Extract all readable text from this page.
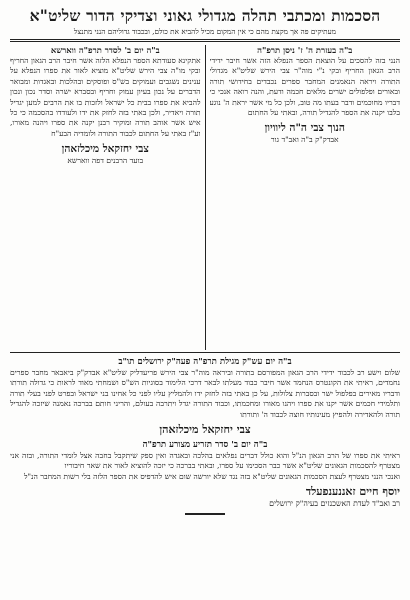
הסכמות ומכתבי תהלה מגדולי גאוני וצדיקי הדור שליט"א
מעתיקים פה אך מקצת מהם כי אין המקום מכיל להביא את כולם, ובכבוד גדוליהם הנני מתנצל
ב"ה בעזרת ה' ז' ניסן תרפ"ה

הנני בזה להסכים על הוצאת הספר הנפלא הזה אשר חיבר ידידי הרב הגאון החריף ובקי נ"י מוה"ר צבי הירש שליט"א מגדולי התורה ויראה הנאמנים המחבר ספרים נכבדים בחידושי תורה ובאורים ופלפולים ישרים מלאים חכמה ודעת, והנה רואה אנכי כי דבריו מחוכמים ודבר בעתו מה טוב, ולכן כל מי אשר יראת ה' נוגע בלבו יקנה את הספר להגדיל תורה, ובאתי על החתום

הנוך צבי ה"ה ליוויון
אבדק"ק ב"ה ואב"ד גור
ב"ה יום ב' לסדר תרפ"ה ווארשא

אתקינא סעודתא הספר הנפלא הלזה אשר חיבר הרב הגאון החריף ובקי מו"ה צבי הירש שליט"א מוציא לאור את ספרו הנפלא על ענינים נשגבים ועמוקים בש"ס ופוסקים ובהלכות ובאגדות ומבואר הדברים על נכון בעיון עמוק וחריף ובסברא ישרה וסדר נכון ונכון להביא את ספרו בבית כל ישראל ולזכות בו את הרבים למען יגדיל תורה ויאדיר, ולכן באתי בזה לחזק את ידו ולעודדו בהסכמה כי כל איש אשר אוהב תורה ומוקיר רבנן יקנה את ספרו ויהנה מאורו, וע"ז באתי על החתום לכבוד התורה ולומדיה הבע"ח

צבי יחזקאל מיכלזאהן
בועד הרבנים דפה ווארשא
ב"ה יום עש"ק מגילת תרפ"ה פעה"ק ירושלים תו"ב

שלום וישע רב לכבוד ידידי הרב הגאון המפורסם בתורה וביראה מוה"ר צבי הירש פריעדליק שליט"א אבדק"ק ביאבאר מחבר ספרים נחמדים, ראיתי את הקונטרס הנחמד אשר חיבר כבוד מעלתו לבאר דרכי הלימוד בסוגיות הש"ס ושמחתי מאוד לראות כי גדולה תורתו ודבריו מאירים בפלפול ישר ובסברות צלולות, על כן באתי בזה לחזק ידו ולהמליץ עליו לפני כל אחינו בני ישראל ובפרט לפני בעלי תורה ותלמידי חכמים אשר יקנו את ספרו ויהנו מאורו ומחכמתו, וכבוד התורה יגדל ויתרבה בעולם, והריני חותם בברכה נאמנה שיזכה להגדיל תורה ולהאדירה ולהפיץ מעינותיו חוצה לכבוד ה' ותורתו

צבי יחזקאל מיכלזאהן
ב"ה יום ב' סדר תזריע מצורע תרפ"ה

ראיתי את ספרו של הרב הגאון הנ"ל והוא כולל דברים נפלאים בהלכה ובאגדה ואין ספק שיתקבל בחבה אצל לומדי התורה, ובזה אני מצטרף להסכמות הגאונים שליט"א אשר כבר הסכימו על ספרו, ובאתי בברכה כי יזכה להוציא לאור את שאר חיבוריו

ואנכי הנני מצטרף לעצת הסכמות הגאונים שליט"א בזה נגד שלא יורשה שום איש להדפיס את הספר הלזה בלי רשות המחבר הנ"ל

יוסף חיים זאננענפעלד
רב ואב"ד לעדת האשכנזים בעיה"ק ירושלים
